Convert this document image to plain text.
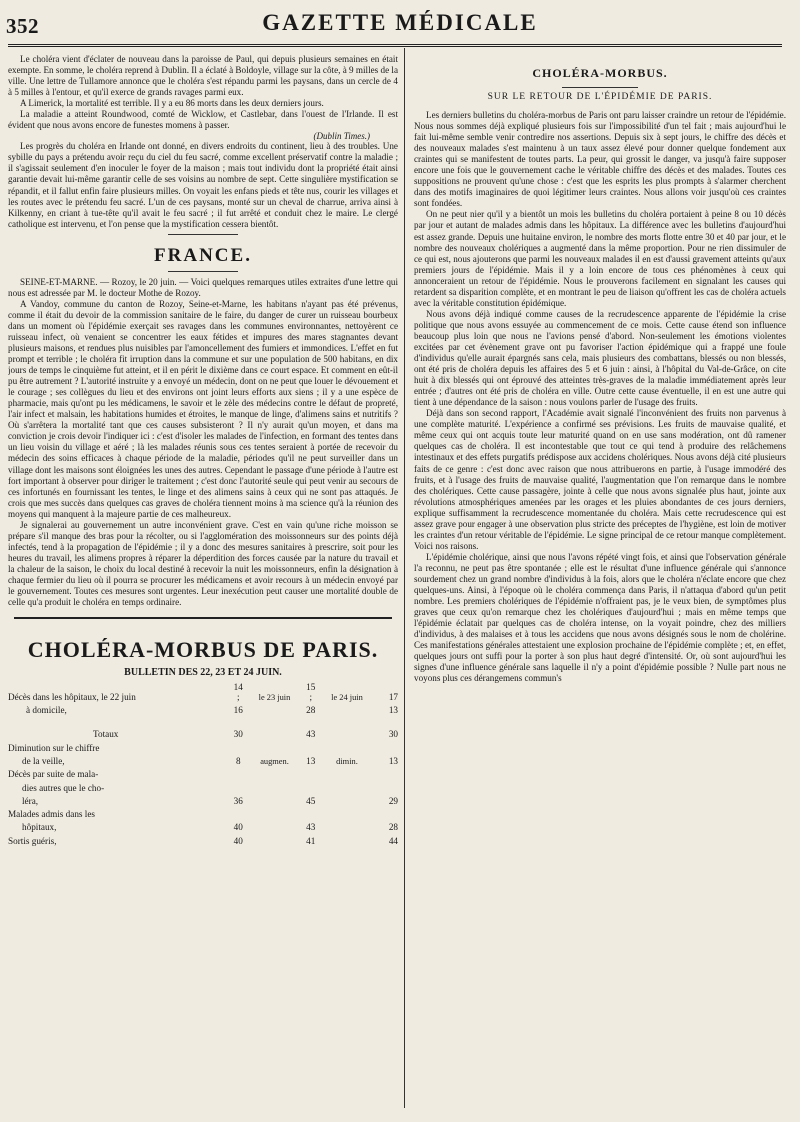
352	GAZETTE MÉDICALE

Le choléra vient d'éclater de nouveau dans la paroisse de Paul, qui depuis plusieurs semaines en était exempte. En somme, le choléra reprend à Dublin. Il a éclaté à Boldoyle, village sur la côte, à 9 milles de la ville. Une lettre de Tullamore annonce que le choléra s'est répandu parmi les paysans, dans un cercle de 4 à 5 milles à l'entour, et qu'il exerce de grands ravages parmi eux.

A Limerick, la mortalité est terrible. Il y a eu 86 morts dans les deux derniers jours.

La maladie a atteint Roundwood, comté de Wicklow, et Castlebar, dans l'ouest de l'Irlande. Il est évident que nous avons encore de funestes momens à passer.

(Dublin Times.)

Les progrès du choléra en Irlande ont donné, en divers endroits du continent, lieu à des troubles. Une sybille du pays a prétendu avoir reçu du ciel du feu sacré, comme excellent préservatif contre la maladie ; il s'agissait seulement d'en inoculer le foyer de la maison ; mais tout individu dont la propriété était ainsi garantie devait lui-même garantir celle de ses voisins au nombre de sept. Cette singulière mystification se répandit, et il fallut enfin faire plusieurs milles. On voyait les enfans pieds et tête nus, courir les villages et les routes avec le prétendu feu sacré. L'un de ces paysans, monté sur un cheval de charrue, arriva ainsi à Kilkenny, en criant à tue-tête qu'il avait le feu sacré ; il fut arrêté et conduit chez le maire. Le clergé catholique est intervenu, et l'on pense que la mystification cessera bientôt.

FRANCE.

SEINE-ET-MARNE. — Rozoy, le 20 juin. — Voici quelques remarques utiles extraites d'une lettre qui nous est adressée par M. le docteur Mothe de Rozoy.

A Vandoy, commune du canton de Rozoy, Seine-et-Marne, les habitans n'ayant pas été prévenus, comme il était du devoir de la commission sanitaire de le faire, du danger de curer un ruisseau bourbeux dans un moment où l'épidémie exerçait ses ravages dans les communes environnantes, nettoyèrent ce ruisseau infect, où venaient se concentrer les eaux fétides et impures des mares stagnantes devant plusieurs maisons, et rendues plus nuisibles par l'amoncellement des fumiers et immondices. L'effet en fut prompt et terrible ; le choléra fit irruption dans la commune et sur une population de 500 habitans, en dix jours de temps le cinquième fut atteint, et il en périt le dixième dans ce court espace. Et comment en eût-il pu être autrement ? L'autorité instruite y a envoyé un médecin, dont on ne peut que louer le dévouement et le courage ; ses collègues du lieu et des environs ont joint leurs efforts aux siens ; il y a une espèce de pharmacie, mais qu'ont pu les médicamens, le savoir et le zèle des médecins contre le défaut de propreté, l'air infect et malsain, les habitations humides et étroites, le manque de linge, d'alimens sains et nutritifs ? Où s'arrêtera la mortalité tant que ces causes subsisteront ? Il n'y aurait qu'un moyen, et dans ma conviction je crois devoir l'indiquer ici : c'est d'isoler les malades de l'infection, en formant des tentes dans un lieu voisin du village et aéré ; là les malades réunis sous ces tentes seraient à portée de recevoir du médecin des soins efficaces à chaque période de la maladie, périodes qu'il ne peut surveiller dans un village dont les maisons sont éloignées les unes des autres. Cependant le passage d'une période à l'autre est fort important à observer pour diriger le traitement ; c'est donc l'autorité seule qui peut venir au secours de ces infortunés en fournissant les tentes, le linge et des alimens sains à ceux qui ne sont pas attaqués. Je crois que mes succès dans quelques cas graves de choléra tiennent moins à ma science qu'à la réunion des moyens qui manquent à la majeure partie de ces malheureux.

Je signalerai au gouvernement un autre inconvénient grave. C'est en vain qu'une riche moisson se prépare s'il manque des bras pour la récolter, ou si l'agglomération des moissonneurs sur des points déjà infectés, tend à la propagation de l'épidémie ; il y a donc des mesures sanitaires à prescrire, soit pour les heures du travail, les alimens propres à réparer la déperdition des forces causée par la nature du travail et la chaleur de la saison, le choix du local destiné à recevoir la nuit les moissonneurs, enfin la désignation à chaque fermier du lieu où il pourra se procurer les médicamens et avoir recours à un médecin envoyé par le gouvernement. Toutes ces mesures sont urgentes. Leur inexécution peut causer une mortalité double de celle qu'a produit le choléra en temps ordinaire.

CHOLÉRA-MORBUS DE PARIS.
BULLETIN DES 22, 23 ET 24 JUIN.
Décès dans les hôpitaux, le 22 juin	14 ;	le 23 juin	15 ;	le 24 juin	17
à domicile,	16		28		13
Totaux	30		43		30
Diminution sur le chiffre					
de la veille,	8	augmen.	13	dimin.	13
Décès par suite de mala-					
dies autres que le cho-					
léra,	36		45		29
Malades admis dans les					
hôpitaux,	40		43		28
Sortis guéris,	40		41		44
CHOLÉRA-MORBUS.
SUR LE RETOUR DE L'ÉPIDÉMIE DE PARIS.

Les derniers bulletins du choléra-morbus de Paris ont paru laisser craindre un retour de l'épidémie. Nous nous sommes déjà expliqué plusieurs fois sur l'impossibilité d'un tel fait ; mais aujourd'hui le fait lui-même semble venir contredire nos assertions. Depuis six à sept jours, le chiffre des décès et des nouveaux malades s'est maintenu à un taux assez élevé pour donner quelque fondement aux craintes qui se manifestent de toutes parts. La peur, qui grossit le danger, va jusqu'à faire supposer encore une fois que le gouvernement cache le véritable chiffre des décès et des malades. Toutes ces suppositions ne prouvent qu'une chose : c'est que les esprits les plus prompts à s'alarmer cherchent dans des motifs imaginaires de quoi légitimer leurs craintes. Nous allons voir jusqu'où ces craintes sont fondées.

On ne peut nier qu'il y a bientôt un mois les bulletins du choléra portaient à peine 8 ou 10 décès par jour et autant de malades admis dans les hôpitaux. La différence avec les bulletins d'aujourd'hui est assez grande. Depuis une huitaine environ, le nombre des morts flotte entre 30 et 40 par jour, et le nombre des nouveaux cholériques a augmenté dans la même proportion. Pour ne rien dissimuler de ce qui est, nous ajouterons que parmi les nouveaux malades il en est d'aussi gravement atteints qu'aux premiers jours de l'épidémie. Mais il y a loin encore de tous ces phénomènes à ceux qui annonceraient un retour de l'épidémie. Nous le prouverons facilement en signalant les causes qui retardent sa disparition complète, et en montrant le peu de liaison qu'offrent les cas de choléra actuels avec la véritable constitution épidémique.

Nous avons déjà indiqué comme causes de la recrudescence apparente de l'épidémie la crise politique que nous avons essuyée au commencement de ce mois. Cette cause étend son influence beaucoup plus loin que nous ne l'avions pensé d'abord. Non-seulement les émotions violentes excitées par cet évènement grave ont pu favoriser l'action épidémique qui a frappé une foule d'individus qu'elle aurait épargnés sans cela, mais plusieurs des combattans, blessés ou non blessés, ont été pris de choléra depuis les affaires des 5 et 6 juin : ainsi, à l'hôpital du Val-de-Grâce, on cite huit à dix blessés qui ont éprouvé des atteintes très-graves de la maladie immédiatement après leur entrée ; d'autres ont été pris de choléra en ville. Outre cette cause éventuelle, il en est une autre qui tient à une dépendance de la saison : nous voulons parler de l'usage des fruits.

Déjà dans son second rapport, l'Académie avait signalé l'inconvénient des fruits non parvenus à une complète maturité. L'expérience a confirmé ses prévisions. Les fruits de mauvaise qualité, et même ceux qui ont acquis toute leur maturité quand on en use sans modération, ont dû ramener quelques cas de choléra. Il est incontestable que tout ce qui tend à produire des relâchemens intestinaux et des effets purgatifs prédispose aux accidens cholériques. Nous avons déjà cité plusieurs faits de ce genre : c'est donc avec raison que nous attribuerons en partie, à l'usage immodéré des fruits, et à l'usage des fruits de mauvaise qualité, l'augmentation que l'on remarque dans le nombre des cholériques. Cette cause passagère, jointe à celle que nous avons signalée plus haut, jointe aux révolutions atmosphériques amenées par les orages et les pluies abondantes de ces jours derniers, explique suffisamment la recrudescence momentanée du choléra. Mais cette recrudescence qui est assez grave pour engager à une observation plus stricte des préceptes de l'hygiène, est loin de motiver les craintes d'un retour véritable de l'épidémie. Le signe principal de ce retour manque complètement. Voici nos raisons.

L'épidémie cholérique, ainsi que nous l'avons répété vingt fois, et ainsi que l'observation générale l'a reconnu, ne peut pas être spontanée ; elle est le résultat d'une influence générale qui s'annonce sourdement chez un grand nombre d'individus à la fois, alors que le choléra n'éclate encore que chez quelques-uns. Ainsi, à l'époque où le choléra commença dans Paris, il n'attaqua d'abord qu'un petit nombre. Les premiers cholériques de l'épidémie n'offraient pas, je le veux bien, de symptômes plus graves que ceux qu'on remarque chez les cholériques d'aujourd'hui ; mais en même temps que l'épidémie éclatait par quelques cas de choléra intense, on la voyait poindre, chez des milliers d'individus, à des malaises et à tous les accidens que nous avons désignés sous le nom de cholérine. Ces manifestations générales attestaient une explosion prochaine de l'épidémie complète ; et, en effet, quelques jours ont suffi pour la porter à son plus haut degré d'intensité. Or, où sont aujourd'hui les signes d'une influence générale sans laquelle il n'y a point d'épidémie possible ? Nulle part nous ne voyons plus ces dérangemens commun's
